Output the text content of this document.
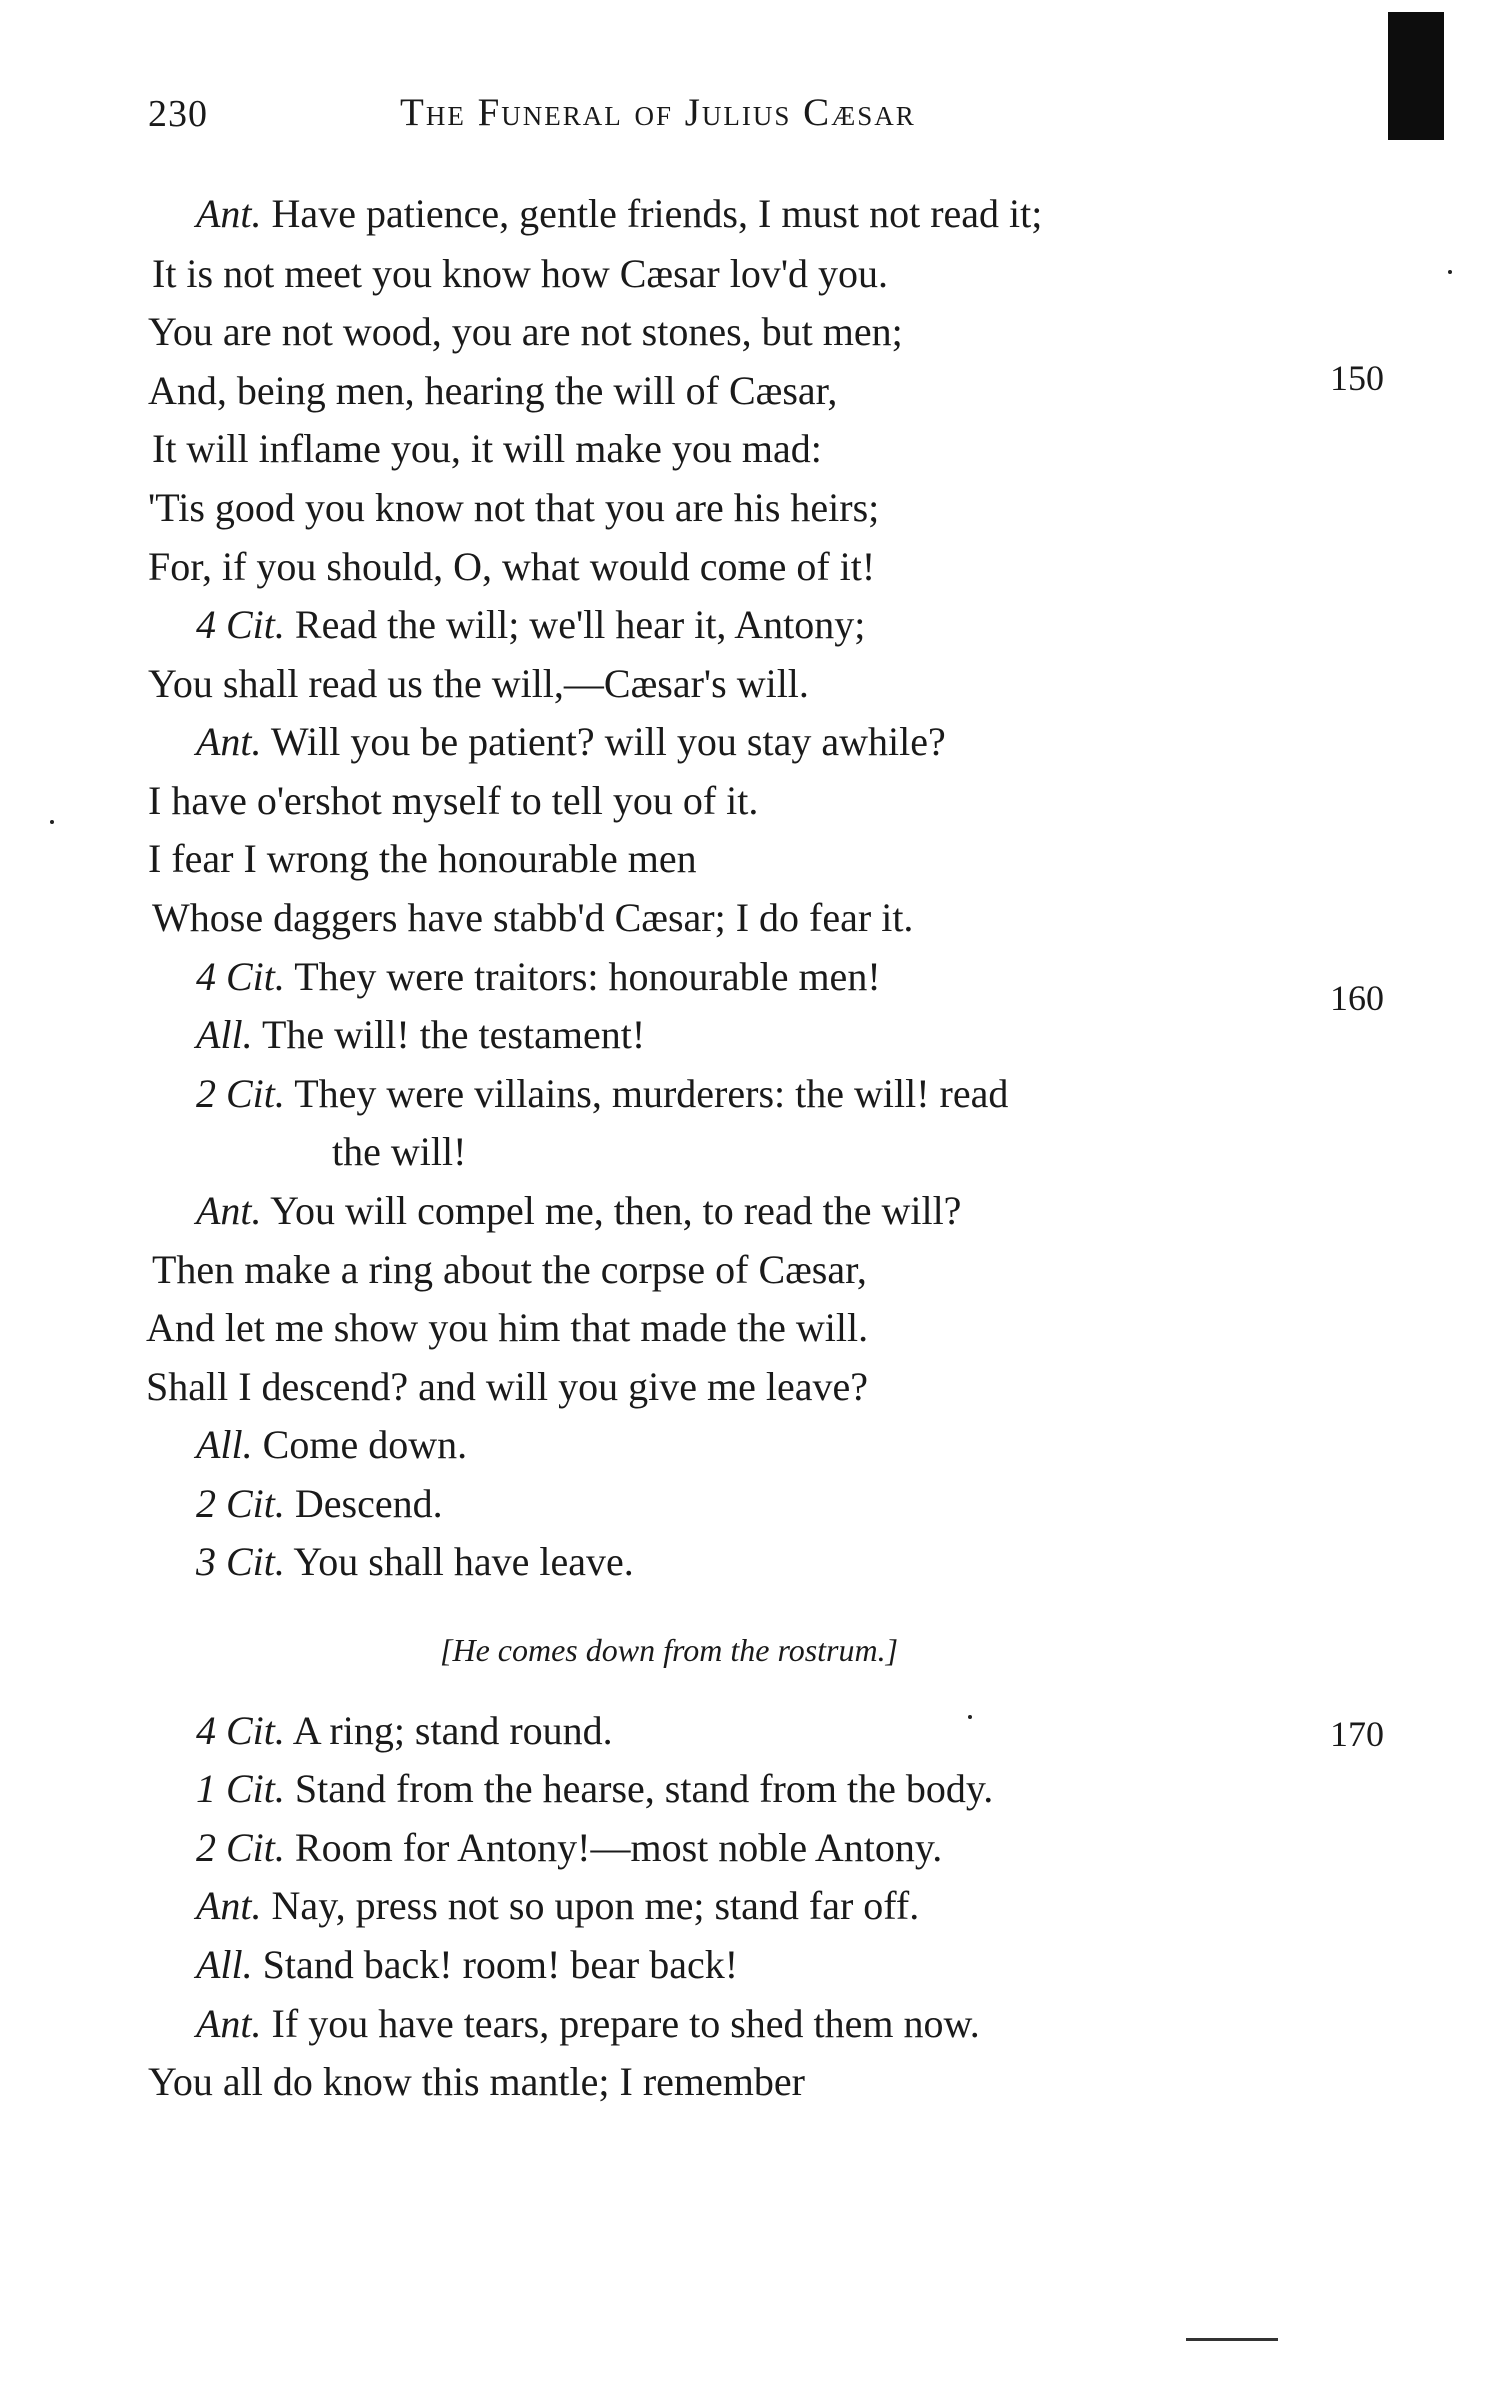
230	The Funeral of Julius Cæsar
Ant. Have patience, gentle friends, I must not read it;
It is not meet you know how Cæsar lov'd you.
You are not wood, you are not stones, but men;
And, being men, hearing the will of Cæsar,
It will inflame you, it will make you mad:
'Tis good you know not that you are his heirs;
For, if you should, O, what would come of it!
4 Cit. Read the will; we'll hear it, Antony;
You shall read us the will,—Cæsar's will.
Ant. Will you be patient? will you stay awhile?
I have o'ershot myself to tell you of it.
I fear I wrong the honourable men
Whose daggers have stabb'd Cæsar; I do fear it.
4 Cit. They were traitors: honourable men!
All. The will! the testament!
2 Cit. They were villains, murderers: the will! read
the will!
Ant. You will compel me, then, to read the will?
Then make a ring about the corpse of Cæsar,
And let me show you him that made the will.
Shall I descend? and will you give me leave?
All. Come down.
2 Cit. Descend.
3 Cit. You shall have leave.
[He comes down from the rostrum.]
4 Cit. A ring; stand round.
1 Cit. Stand from the hearse, stand from the body.
2 Cit. Room for Antony!—most noble Antony.
Ant. Nay, press not so upon me; stand far off.
All. Stand back! room! bear back!
Ant. If you have tears, prepare to shed them now.
You all do know this mantle; I remember
150
160
170
